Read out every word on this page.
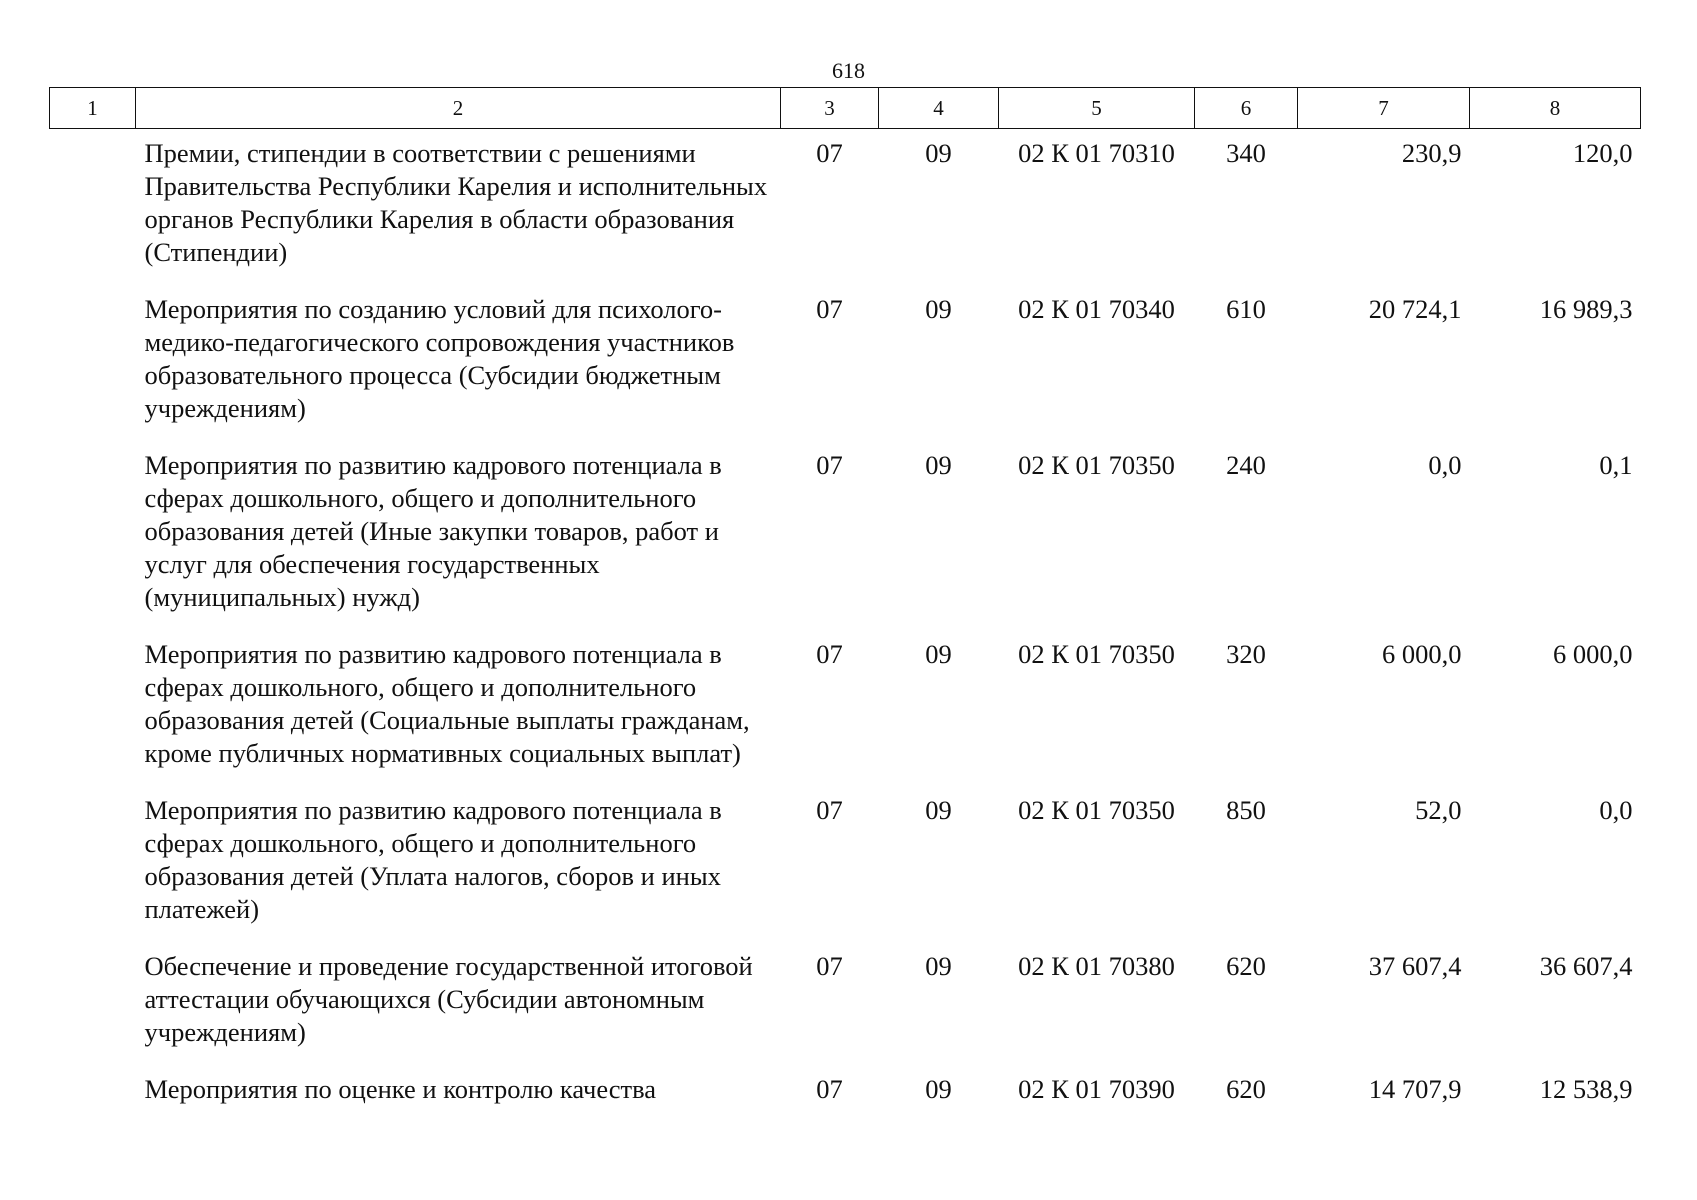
618
1	2	3	4	5	6	7	8
	Премии, стипендии в соответствии с решениями Правительства Республики Карелия и исполнительных органов Республики Карелия в области образования (Стипендии)	07	09	02 К 01 70310	340	230,9	120,0
	Мероприятия по созданию условий для психолого-медико-педагогического сопровождения участников образовательного процесса (Субсидии бюджетным учреждениям)	07	09	02 К 01 70340	610	20 724,1	16 989,3
	Мероприятия по развитию кадрового потенциала в сферах дошкольного, общего и дополнительного образования детей (Иные закупки товаров, работ и услуг для обеспечения государственных (муниципальных) нужд)	07	09	02 К 01 70350	240	0,0	0,1
	Мероприятия по развитию кадрового потенциала в сферах дошкольного, общего и дополнительного образования детей (Социальные выплаты гражданам, кроме публичных нормативных социальных выплат)	07	09	02 К 01 70350	320	6 000,0	6 000,0
	Мероприятия по развитию кадрового потенциала в сферах дошкольного, общего и дополнительного образования детей (Уплата налогов, сборов и иных платежей)	07	09	02 К 01 70350	850	52,0	0,0
	Обеспечение и проведение государственной итоговой аттестации обучающихся (Субсидии автономным учреждениям)	07	09	02 К 01 70380	620	37 607,4	36 607,4
	Мероприятия по оценке и контролю качества	07	09	02 К 01 70390	620	14 707,9	12 538,9
